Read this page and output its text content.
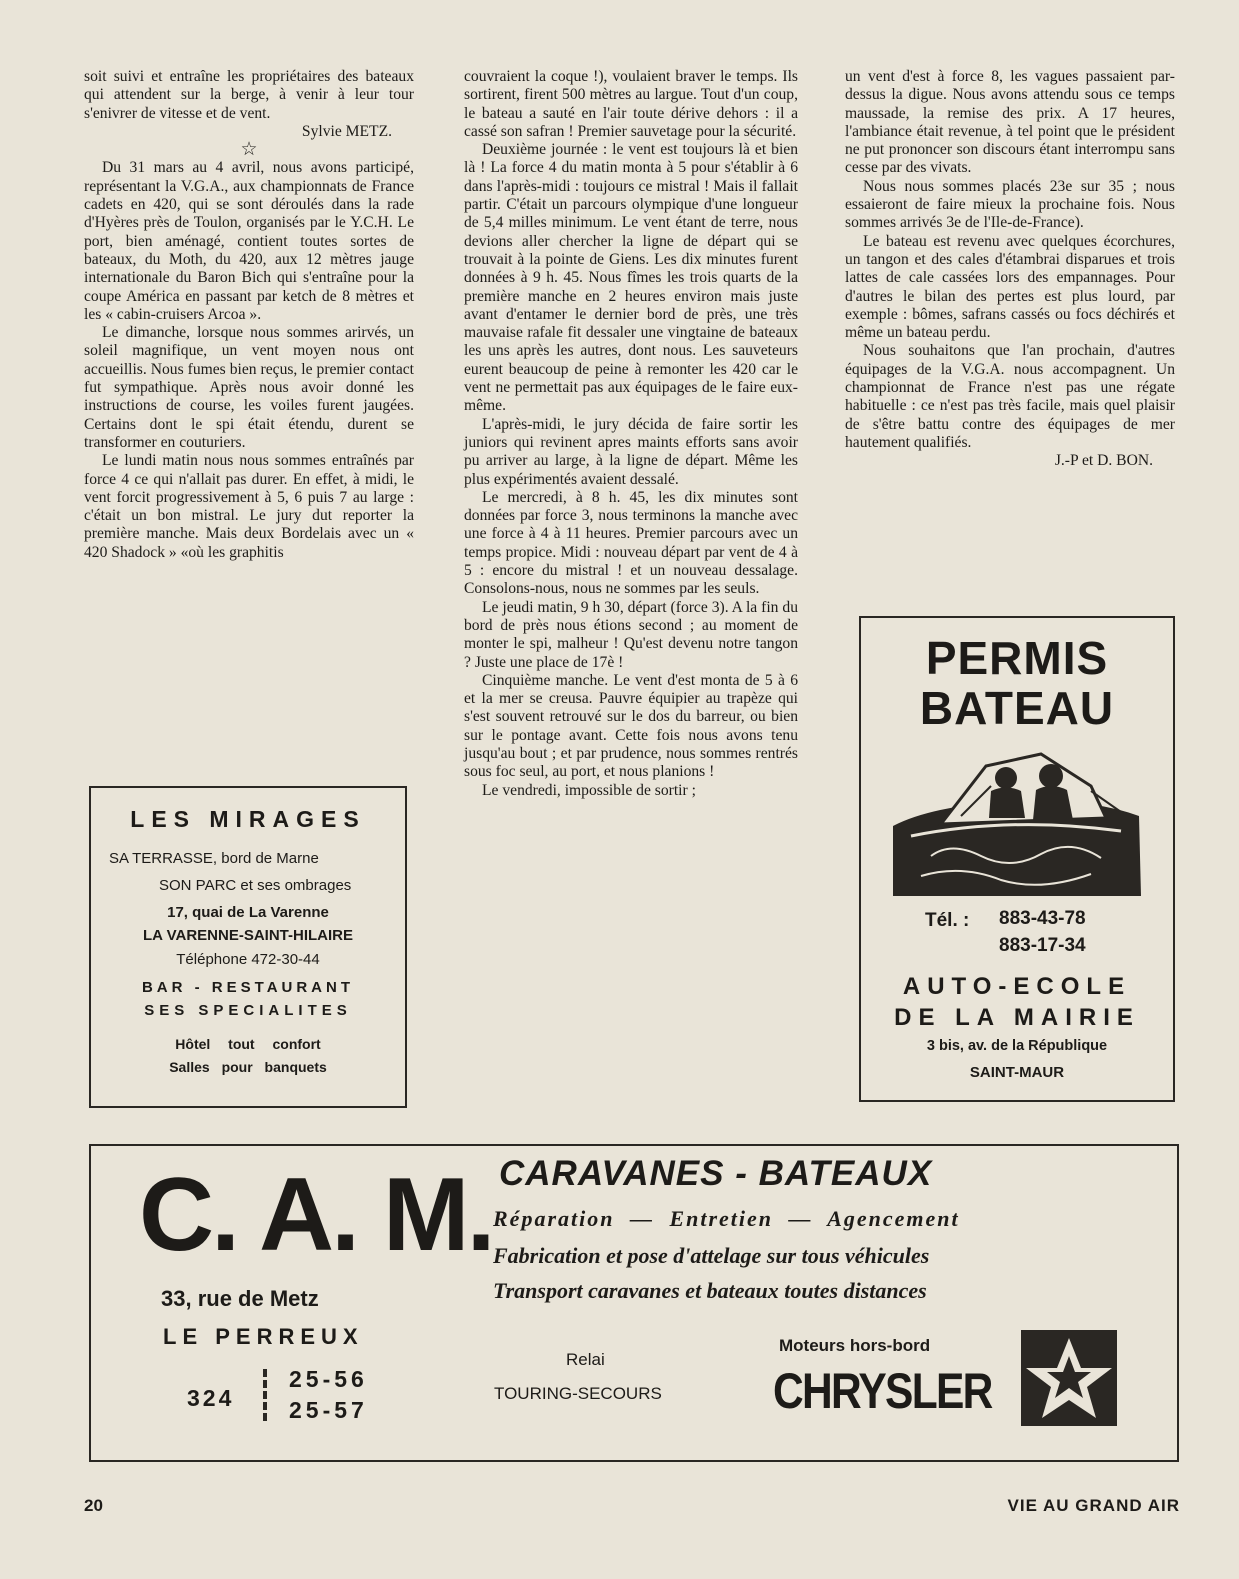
soit suivi et entraîne les propriétaires des bateaux qui attendent sur la berge, à venir à leur tour s'enivrer de vitesse et de vent.

Sylvie METZ.

☆

Du 31 mars au 4 avril, nous avons participé, représentant la V.G.A., aux championnats de France cadets en 420, qui se sont déroulés dans la rade d'Hyères près de Toulon, organisés par le Y.C.H. Le port, bien aménagé, contient toutes sortes de bateaux, du Moth, du 420, aux 12 mètres jauge internationale du Baron Bich qui s'entraîne pour la coupe América en passant par ketch de 8 mètres et les « cabin-cruisers Arcoa ».

Le dimanche, lorsque nous sommes arirvés, un soleil magnifique, un vent moyen nous ont accueillis. Nous fumes bien reçus, le premier contact fut sympathique. Après nous avoir donné les instructions de course, les voiles furent jaugées. Certains dont le spi était étendu, durent se transformer en couturiers.

Le lundi matin nous nous sommes entraînés par force 4 ce qui n'allait pas durer. En effet, à midi, le vent forcit progressivement à 5, 6 puis 7 au large : c'était un bon mistral. Le jury dut reporter la première manche. Mais deux Bordelais avec un « 420 Shadock » «où les graphitis

couvraient la coque !), voulaient braver le temps. Ils sortirent, firent 500 mètres au largue. Tout d'un coup, le bateau a sauté en l'air toute dérive dehors : il a cassé son safran ! Premier sauvetage pour la sécurité.

Deuxième journée : le vent est toujours là et bien là ! La force 4 du matin monta à 5 pour s'établir à 6 dans l'après-midi : toujours ce mistral ! Mais il fallait partir. C'était un parcours olympique d'une longueur de 5,4 milles minimum. Le vent étant de terre, nous devions aller chercher la ligne de départ qui se trouvait à la pointe de Giens. Les dix minutes furent données à 9 h. 45. Nous fîmes les trois quarts de la première manche en 2 heures environ mais juste avant d'entamer le dernier bord de près, une très mauvaise rafale fit dessaler une vingtaine de bateaux les uns après les autres, dont nous. Les sauveteurs eurent beaucoup de peine à remonter les 420 car le vent ne permettait pas aux équipages de le faire eux-même.

L'après-midi, le jury décida de faire sortir les juniors qui revinent apres maints efforts sans avoir pu arriver au large, à la ligne de départ. Même les plus expérimentés avaient dessalé.

Le mercredi, à 8 h. 45, les dix minutes sont données par force 3, nous terminons la manche avec une force à 4 à 11 heures. Premier parcours avec un temps propice. Midi : nouveau départ par vent de 4 à 5 : encore du mistral ! et un nouveau dessalage. Consolons-nous, nous ne sommes par les seuls.

Le jeudi matin, 9 h 30, départ (force 3). A la fin du bord de près nous étions second ; au moment de monter le spi, malheur ! Qu'est devenu notre tangon ? Juste une place de 17è !

Cinquième manche. Le vent d'est monta de 5 à 6 et la mer se creusa. Pauvre équipier au trapèze qui s'est souvent retrouvé sur le dos du barreur, ou bien sur le pontage avant. Cette fois nous avons tenu jusqu'au bout ; et par prudence, nous sommes rentrés sous foc seul, au port, et nous planions !

Le vendredi, impossible de sortir ;

un vent d'est à force 8, les vagues passaient par-dessus la digue. Nous avons attendu sous ce temps maussade, la remise des prix. A 17 heures, l'ambiance était revenue, à tel point que le président ne put prononcer son discours étant interrompu sans cesse par des vivats.

Nous nous sommes placés 23e sur 35 ; nous essaieront de faire mieux la prochaine fois. Nous sommes arrivés 3e de l'Ile-de-France).

Le bateau est revenu avec quelques écorchures, un tangon et des cales d'étambrai disparues et trois lattes de cale cassées lors des empannages. Pour d'autres le bilan des pertes est plus lourd, par exemple : bômes, safrans cassés ou focs déchirés et même un bateau perdu.

Nous souhaitons que l'an prochain, d'autres équipages de la V.G.A. nous accompagnent. Un championnat de France n'est pas une régate habituelle : ce n'est pas très facile, mais quel plaisir de s'être battu contre des équipages de mer hautement qualifiés.

J.-P et D. BON.

LES MIRAGES
SA TERRASSE, bord de Marne
SON PARC et ses ombrages
17, quai de La Varenne
LA VARENNE-SAINT-HILAIRE
Téléphone 472-30-44
BAR - RESTAURANT
SES SPECIALITES
Hôtel tout confort
Salles pour banquets
PERMIS
BATEAU
Tél. :	883-43-78
883-17-34
AUTO-ECOLE
DE LA MAIRIE
3 bis, av. de la République
SAINT-MAUR
C. A. M.
33, rue de Metz
LE PERREUX
324
25-56
25-57
CARAVANES - BATEAUX
Réparation — Entretien — Agencement
Fabrication et pose d'attelage sur tous véhicules
Transport caravanes et bateaux toutes distances
Relai
TOURING-SECOURS
Moteurs hors-bord
CHRYSLER
20	VIE AU GRAND AIR
